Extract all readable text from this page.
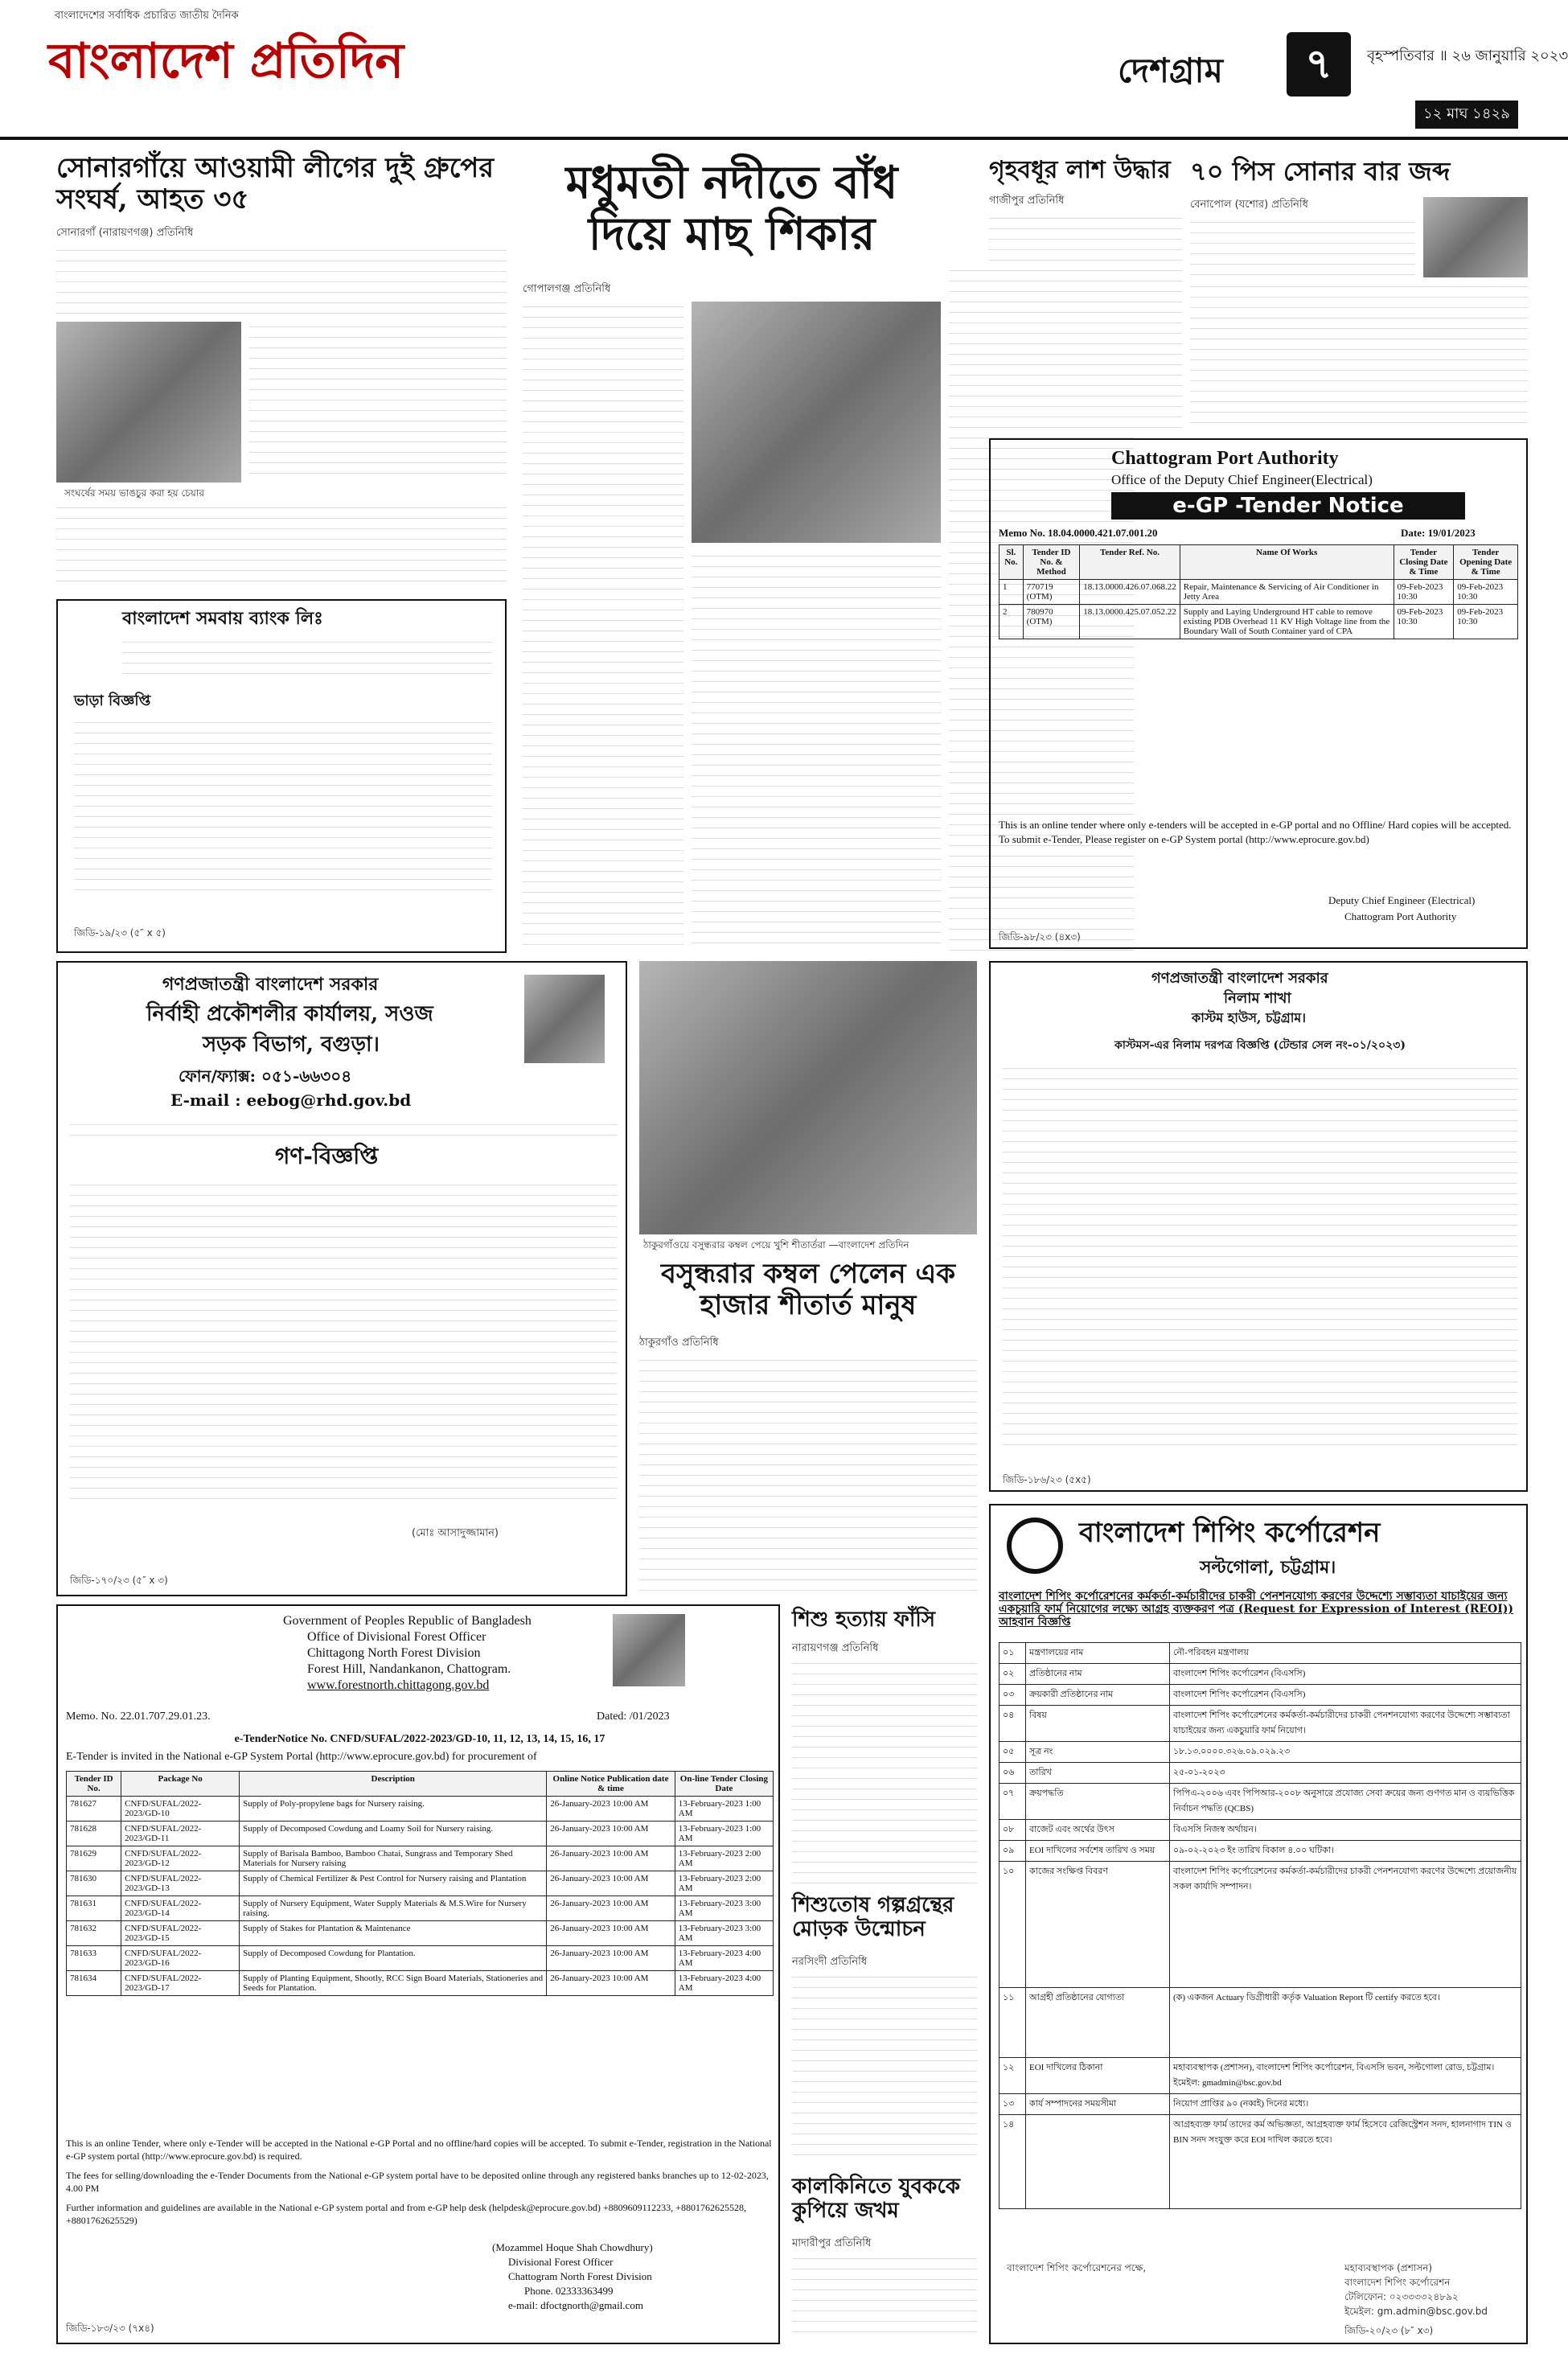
বাংলাদেশের সর্বাধিক প্রচারিত জাতীয় দৈনিক
বাংলাদেশ প্রতিদিন	দেশগ্রাম	৭	বৃহস্পতিবার ॥ ২৬ জানুয়ারি ২০২৩
১২ মাঘ ১৪২৯
সোনারগাঁয়ে আওয়ামী লীগের দুই গ্রুপের সংঘর্ষ, আহত ৩৫
সোনারগাঁ (নারায়ণগঞ্জ) প্রতিনিধি
সংঘর্ষের সময় ভাঙচুর করা হয় চেয়ার
মধুমতী নদীতে বাঁধ দিয়ে মাছ শিকার
গোপালগঞ্জ প্রতিনিধি
গৃহবধূর লাশ উদ্ধার
গাজীপুর প্রতিনিধি
৭০ পিস সোনার বার জব্দ
বেনাপোল (যশোর) প্রতিনিধি
বাংলাদেশ সমবায় ব্যাংক লিঃ
ভাড়া বিজ্ঞপ্তি
জিডি-১৯/২৩ (৫″ x ৫)
Chattogram Port Authority
Office of the Deputy Chief Engineer(Electrical)
e-GP -Tender Notice
Memo No. 18.04.0000.421.07.001.20	Date: 19/01/2023
Sl. No.	Tender ID No. & Method	Tender Ref. No.	Name Of Works	Tender Closing Date & Time	Tender Opening Date & Time
1	770719 (OTM)	18.13.0000.426.07.068.22	Repair, Maintenance & Servicing of Air Conditioner in Jetty Area	09-Feb-2023 10:30	09-Feb-2023 10:30
2	780970 (OTM)	18.13.0000.425.07.052.22	Supply and Laying Underground HT cable to remove existing PDB Overhead 11 KV High Voltage line from the Boundary Wall of South Container yard of CPA	09-Feb-2023 10:30	09-Feb-2023 10:30
This is an online tender where only e-tenders will be accepted in e-GP portal and no Offline/ Hard copies will be accepted. To submit e-Tender, Please register on e-GP System portal (http://www.eprocure.gov.bd)
Deputy Chief Engineer (Electrical)
Chattogram Port Authority
জিডি-৯৮/২৩ (৪x৩)
গণপ্রজাতন্ত্রী বাংলাদেশ সরকার
নির্বাহী প্রকৌশলীর কার্যালয়, সওজ
সড়ক বিভাগ, বগুড়া।
ফোন/ফ্যাক্স: ০৫১-৬৬৩০৪
E-mail : eebog@rhd.gov.bd
গণ-বিজ্ঞপ্তি
(মোঃ আসাদুজ্জামান)
জিডি-১৭০/২৩ (৫″ x ৩)
ঠাকুরগাঁওয়ে বসুন্ধরার কম্বল পেয়ে খুশি শীতার্তরা —বাংলাদেশ প্রতিদিন
বসুন্ধরার কম্বল পেলেন এক হাজার শীতার্ত মানুষ
ঠাকুরগাঁও প্রতিনিধি
গণপ্রজাতন্ত্রী বাংলাদেশ সরকার
নিলাম শাখা
কাস্টম হাউস, চট্টগ্রাম।
কাস্টমস-এর নিলাম দরপত্র বিজ্ঞপ্তি (টেন্ডার সেল নং-০১/২০২৩)
জিডি-১৮৬/২৩ (৫x৫)
Government of Peoples Republic of Bangladesh
Office of Divisional Forest Officer
Chittagong North Forest Division
Forest Hill, Nandankanon, Chattogram.
www.forestnorth.chittagong.gov.bd
Memo. No. 22.01.707.29.01.23.	Dated: /01/2023
e-TenderNotice No. CNFD/SUFAL/2022-2023/GD-10, 11, 12, 13, 14, 15, 16, 17
E-Tender is invited in the National e-GP System Portal (http://www.eprocure.gov.bd) for procurement of
Tender ID No.	Package No	Description	Online Notice Publication date & time	On-line Tender Closing Date
781627	CNFD/SUFAL/2022-2023/GD-10	Supply of Poly-propylene bags for Nursery raising.	26-January-2023 10:00 AM	13-February-2023 1:00 AM
781628	CNFD/SUFAL/2022-2023/GD-11	Supply of Decomposed Cowdung and Loamy Soil for Nursery raising.	26-January-2023 10:00 AM	13-February-2023 1:00 AM
781629	CNFD/SUFAL/2022-2023/GD-12	Supply of Barisala Bamboo, Bamboo Chatai, Sungrass and Temporary Shed Materials for Nursery raising	26-January-2023 10:00 AM	13-February-2023 2:00 AM
781630	CNFD/SUFAL/2022-2023/GD-13	Supply of Chemical Fertilizer & Pest Control for Nursery raising and Plantation	26-January-2023 10:00 AM	13-February-2023 2:00 AM
781631	CNFD/SUFAL/2022-2023/GD-14	Supply of Nursery Equipment, Water Supply Materials & M.S.Wire for Nursery raising.	26-January-2023 10:00 AM	13-February-2023 3:00 AM
781632	CNFD/SUFAL/2022-2023/GD-15	Supply of Stakes for Plantation & Maintenance	26-January-2023 10:00 AM	13-February-2023 3:00 AM
781633	CNFD/SUFAL/2022-2023/GD-16	Supply of Decomposed Cowdung for Plantation.	26-January-2023 10:00 AM	13-February-2023 4:00 AM
781634	CNFD/SUFAL/2022-2023/GD-17	Supply of Planting Equipment, Shootly, RCC Sign Board Materials, Stationeries and Seeds for Plantation.	26-January-2023 10:00 AM	13-February-2023 4:00 AM
This is an online Tender, where only e-Tender will be accepted in the National e-GP Portal and no offline/hard copies will be accepted. To submit e-Tender, registration in the National e-GP system portal (http://www.eprocure.gov.bd) is required.
The fees for selling/downloading the e-Tender Documents from the National e-GP system portal have to be deposited online through any registered banks branches up to 12-02-2023, 4.00 PM
Further information and guidelines are available in the National e-GP system portal and from e-GP help desk (helpdesk@eprocure.gov.bd) +8809609112233, +8801762625528, +8801762625529)
(Mozammel Hoque Shah Chowdhury)
Divisional Forest Officer
Chattogram North Forest Division
Phone. 02333363499
e-mail: dfoctgnorth@gmail.com
জিডি-১৮৩/২৩ (৭x৪)
শিশু হত্যায় ফাঁসি
নারায়ণগঞ্জ প্রতিনিধি
শিশুতোষ গল্পগ্রন্থের মোড়ক উন্মোচন
নরসিংদী প্রতিনিধি
কালকিনিতে যুবককে কুপিয়ে জখম
মাদারীপুর প্রতিনিধি
বাংলাদেশ শিপিং কর্পোরেশন
সল্টগোলা, চট্টগ্রাম।
বাংলাদেশ শিপিং কর্পোরেশনের কর্মকর্তা-কর্মচারীদের চাকরী পেনশনযোগ্য করণের উদ্দেশ্যে সম্ভাব্যতা যাচাইয়ের জন্য একচুয়ারি ফার্ম নিয়োগের লক্ষ্যে আগ্রহ ব্যক্তকরণ পত্র (Request for Expression of Interest (REOI)) আহবান বিজ্ঞপ্তি
০১	মন্ত্রণালয়ের নাম	নৌ-পরিবহন মন্ত্রণালয়
০২	প্রতিষ্ঠানের নাম	বাংলাদেশ শিপিং কর্পোরেশন (বিএসসি)
০৩	ক্রয়কারী প্রতিষ্ঠানের নাম	বাংলাদেশ শিপিং কর্পোরেশন (বিএসসি)
০৪	বিষয়	বাংলাদেশ শিপিং কর্পোরেশনের কর্মকর্তা-কর্মচারীদের চাকরী পেনশনযোগ্য করণের উদ্দেশ্যে সম্ভাব্যতা যাচাইয়ের জন্য একচুয়ারি ফার্ম নিয়োগ।
০৫	সূত্র নং	১৮.১৩.০০০০.৩২৬.০৯.০২৯.২৩
০৬	তারিখ	২৫-০১-২০২৩
০৭	ক্রয়পদ্ধতি	পিপিএ-২০০৬ এবং পিপিআর-২০০৮ অনুসারে প্রযোজ্য সেবা ক্রয়ের জন্য গুণগত মান ও ব্যয়ভিত্তিক নির্বাচন পদ্ধতি (QCBS)
০৮	বাজেট এবং অর্থের উৎস	বিএসসি নিজস্ব অর্থায়ন।
০৯	EOI দাখিলের সর্বশেষ তারিখ ও সময়	০৯-০২-২০২৩ ইং তারিখ বিকাল ৪.০০ ঘটিকা।
১০	কাজের সংক্ষিপ্ত বিবরণ	বাংলাদেশ শিপিং কর্পোরেশনের কর্মকর্তা-কর্মচারীদের চাকরী পেনশনযোগ্য করণের উদ্দেশ্যে প্রয়োজনীয় সকল কার্যাদি সম্পাদন।
১১	আগ্রহী প্রতিষ্ঠানের যোগ্যতা	(ক) একজন Actuary ডিগ্রীধারী কর্তৃক Valuation Report টি certify করতে হবে।
১২	EOI দাখিলের ঠিকানা	মহাব্যবস্থাপক (প্রশাসন), বাংলাদেশ শিপিং কর্পোরেশন, বিএসসি ভবন, সল্টগোলা রোড, চট্টগ্রাম। ইমেইল: gmadmin@bsc.gov.bd
১৩	কার্য সম্পাদনের সময়সীমা	নিয়োগ প্রাপ্তির ৯০ (নব্বই) দিনের মধ্যে।
১৪		আগ্রহব্যক্ত ফার্ম তাদের কর্ম অভিজ্ঞতা, আগ্রহব্যক্ত ফার্ম হিসেবে রেজিস্ট্রেশন সনদ, হালনাগাদ TIN ও BIN সনদ সংযুক্ত করে EOI দাখিল করতে হবে।
বাংলাদেশ শিপিং কর্পোরেশনের পক্ষে,	মহাব্যবস্থাপক (প্রশাসন)
বাংলাদেশ শিপিং কর্পোরেশন
টেলিফোন: ০২৩৩৩৩২৪৮৯২
ইমেইল: gm.admin@bsc.gov.bd
জিডি-২০/২৩ (৮″ x৩)
